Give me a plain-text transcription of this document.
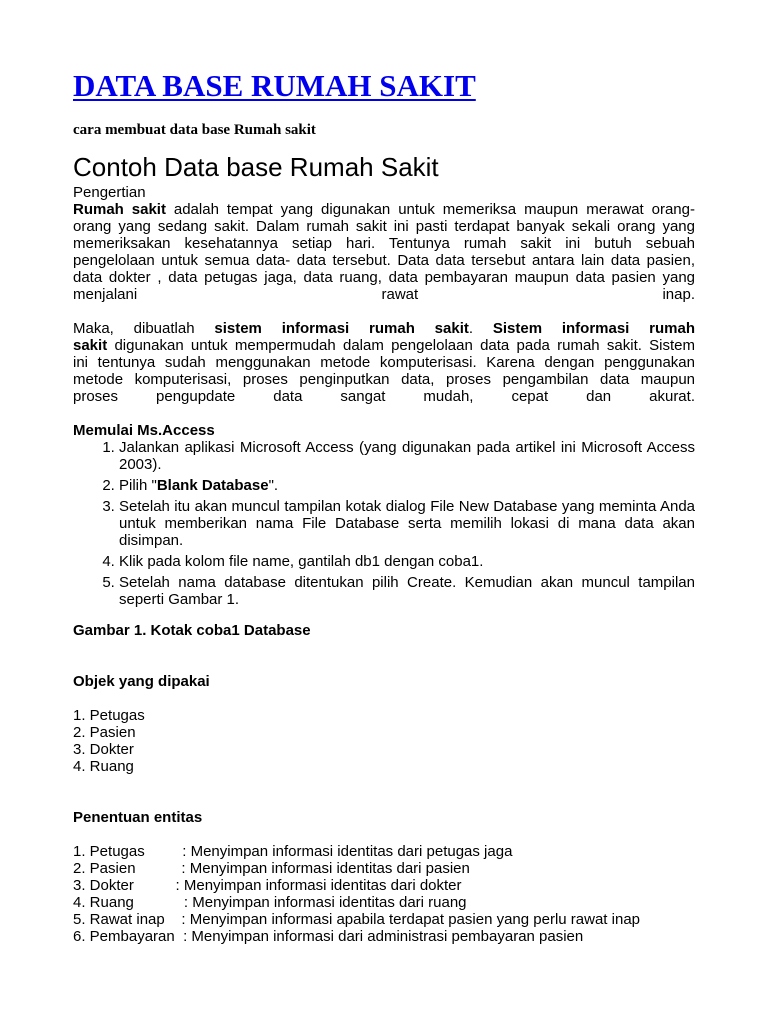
DATA BASE RUMAH SAKIT
cara membuat data base Rumah sakit
Contoh Data base Rumah Sakit
Pengertian

Rumah sakit adalah tempat yang digunakan untuk memeriksa maupun merawat orang-

orang yang sedang sakit. Dalam rumah sakit ini pasti terdapat banyak sekali orang yang

memeriksakan kesehatannya setiap hari. Tentunya rumah sakit ini butuh sebuah

pengelolaan untuk semua data- data tersebut. Data data tersebut antara lain data pasien,

data dokter , data petugas jaga, data ruang, data pembayaran maupun data pasien yang

menjalani rawat inap.

Maka, dibuatlah sistem informasi rumah sakit. Sistem informasi rumah

sakit digunakan untuk mempermudah dalam pengelolaan data pada rumah sakit. Sistem

ini tentunya sudah menggunakan metode komputerisasi. Karena dengan penggunakan

metode komputerisasi, proses penginputkan data, proses pengambilan data maupun

proses pengupdate data sangat mudah, cepat dan akurat.

Memulai Ms.Access
1. Jalankan aplikasi Microsoft Access (yang digunakan pada artikel ini Microsoft Access 2003).
2. Pilih "Blank Database".
3. Setelah itu akan muncul tampilan kotak dialog File New Database yang meminta Anda untuk memberikan nama File Database serta memilih lokasi di mana data akan disimpan.
4. Klik pada kolom file name, gantilah db1 dengan coba1.
5. Setelah nama database ditentukan pilih Create. Kemudian akan muncul tampilan seperti Gambar 1.
Gambar 1. Kotak coba1 Database
Objek yang dipakai
1. Petugas
2. Pasien
3. Dokter
4. Ruang
Penentuan entitas
1. Petugas : Menyimpan informasi identitas dari petugas jaga
2. Pasien : Menyimpan informasi identitas dari pasien
3. Dokter : Menyimpan informasi identitas dari dokter
4. Ruang : Menyimpan informasi identitas dari ruang
5. Rawat inap : Menyimpan informasi apabila terdapat pasien yang perlu rawat inap
6. Pembayaran : Menyimpan informasi dari administrasi pembayaran pasien
